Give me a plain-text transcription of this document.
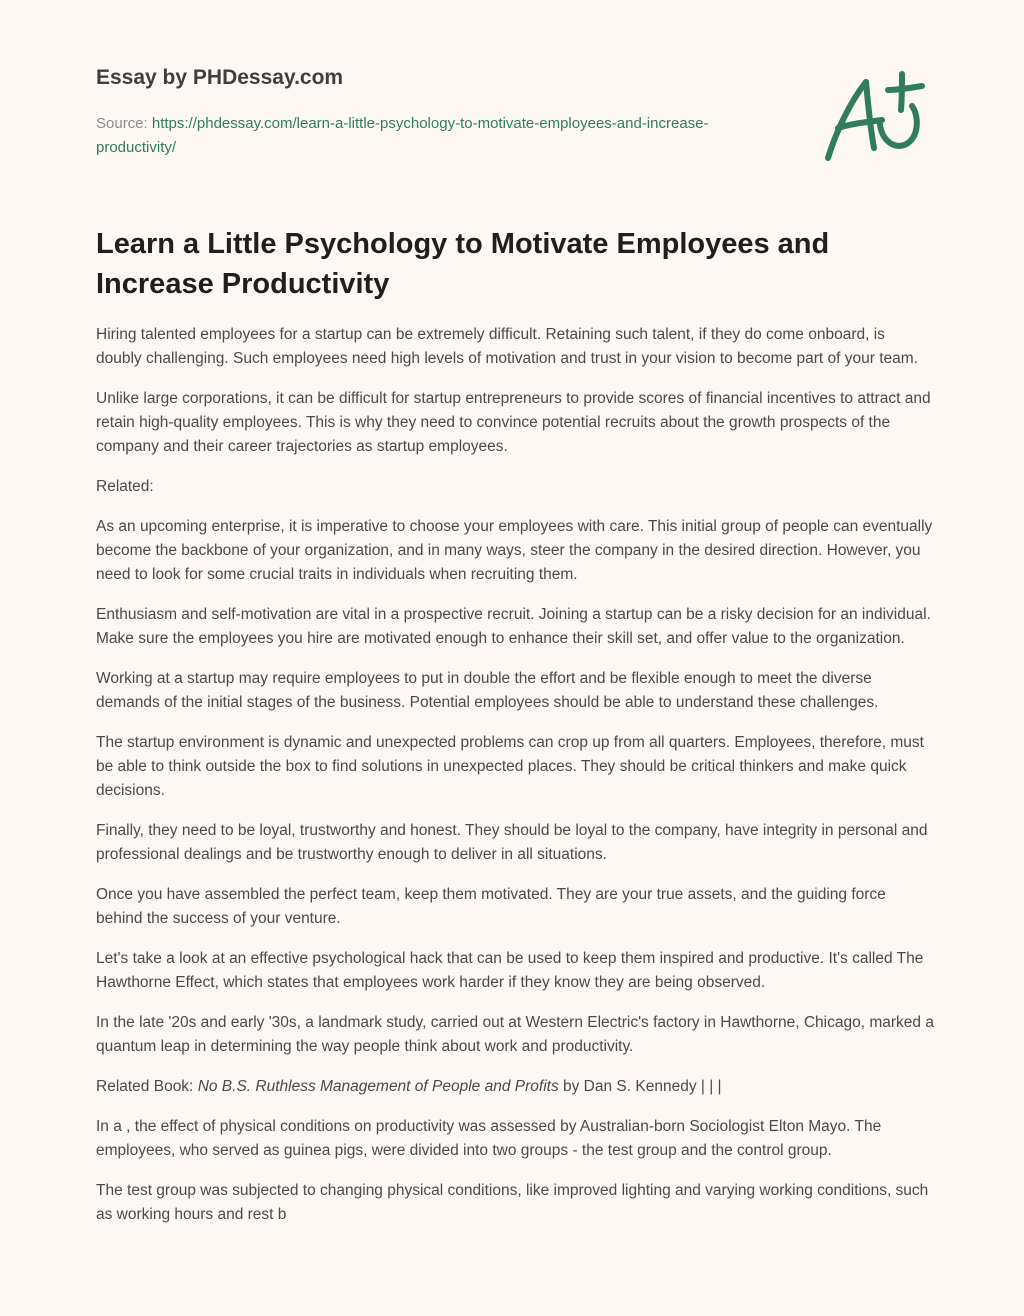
Essay by PHDessay.com
Source: https://phdessay.com/learn-a-little-psychology-to-motivate-employees-and-increase-productivity/
Learn a Little Psychology to Motivate Employees and Increase Productivity

Hiring talented employees for a startup can be extremely difficult. Retaining such talent, if they do come onboard, is doubly challenging. Such employees need high levels of motivation and trust in your vision to become part of your team.

Unlike large corporations, it can be difficult for startup entrepreneurs to provide scores of financial incentives to attract and retain high-quality employees. This is why they need to convince potential recruits about the growth prospects of the company and their career trajectories as startup employees.

Related:

As an upcoming enterprise, it is imperative to choose your employees with care. This initial group of people can eventually become the backbone of your organization, and in many ways, steer the company in the desired direction. However, you need to look for some crucial traits in individuals when recruiting them.

Enthusiasm and self-motivation are vital in a prospective recruit. Joining a startup can be a risky decision for an individual. Make sure the employees you hire are motivated enough to enhance their skill set, and offer value to the organization.

Working at a startup may require employees to put in double the effort and be flexible enough to meet the diverse demands of the initial stages of the business. Potential employees should be able to understand these challenges.

The startup environment is dynamic and unexpected problems can crop up from all quarters. Employees, therefore, must be able to think outside the box to find solutions in unexpected places. They should be critical thinkers and make quick decisions.

Finally, they need to be loyal, trustworthy and honest. They should be loyal to the company, have integrity in personal and professional dealings and be trustworthy enough to deliver in all situations.

Once you have assembled the perfect team, keep them motivated. They are your true assets, and the guiding force behind the success of your venture.

Let's take a look at an effective psychological hack that can be used to keep them inspired and productive. It's called The Hawthorne Effect, which states that employees work harder if they know they are being observed.

In the late '20s and early '30s, a landmark study, carried out at Western Electric's factory in Hawthorne, Chicago, marked a quantum leap in determining the way people think about work and productivity.

Related Book: No B.S. Ruthless Management of People and Profits by Dan S. Kennedy | | |

In a , the effect of physical conditions on productivity was assessed by Australian-born Sociologist Elton Mayo. The employees, who served as guinea pigs, were divided into two groups - the test group and the control group.

The test group was subjected to changing physical conditions, like improved lighting and varying working conditions, such as working hours and rest b
